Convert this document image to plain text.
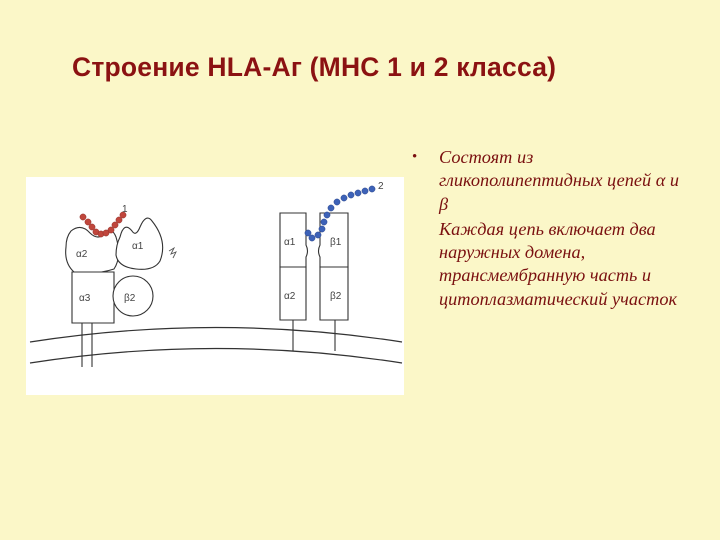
Строение HLA-Аг (МНС 1 и 2 класса)
1
α2
α1
α3	β2
2
α1	β1
α2	β2
• Состоят из гликополипептидных цепей α и β
Каждая цепь включает два наружных домена, трансмембранную часть и цитоплазматический участок
